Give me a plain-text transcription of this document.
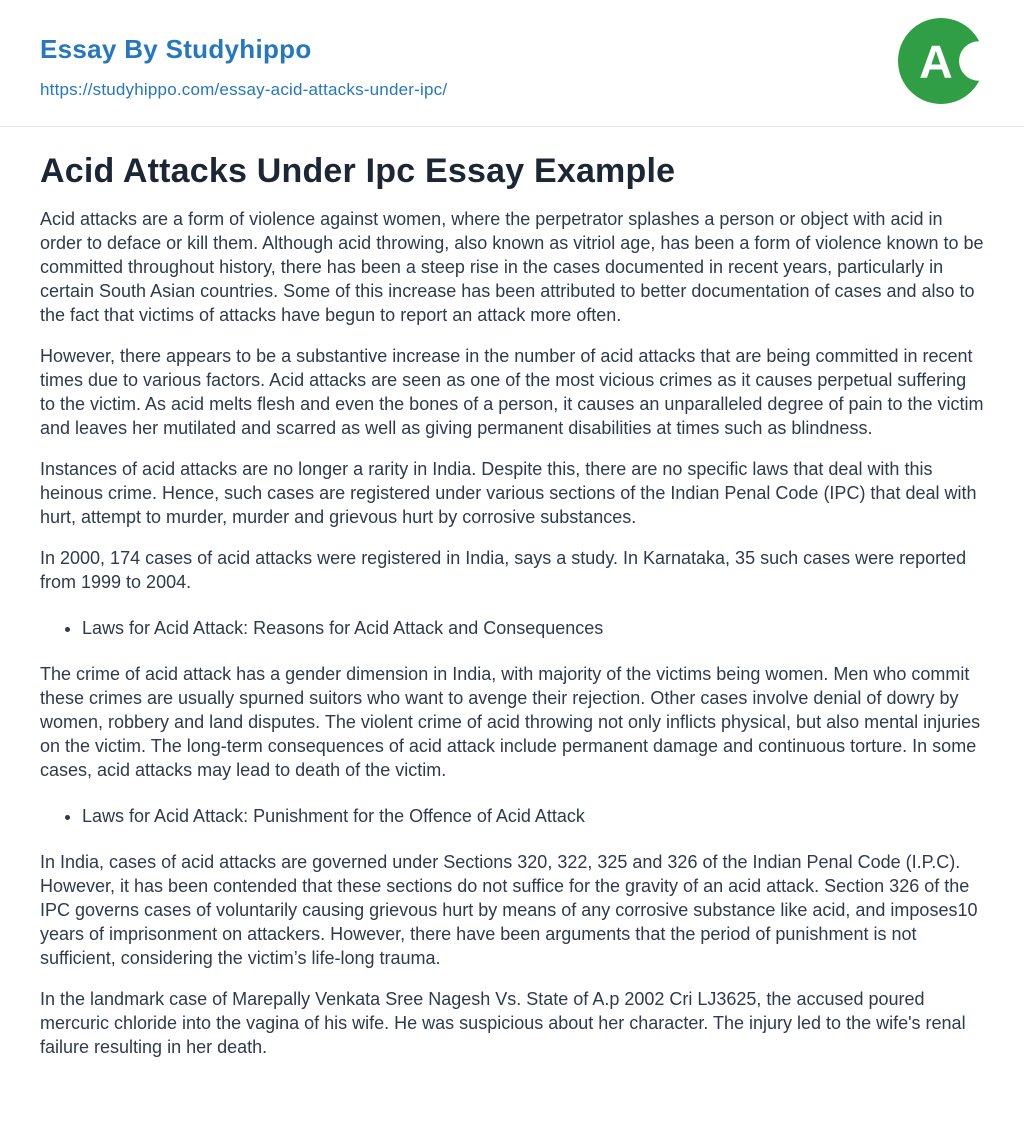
Essay By Studyhippo
https://studyhippo.com/essay-acid-attacks-under-ipc/
A
Acid Attacks Under Ipc Essay Example

Acid attacks are a form of violence against women, where the perpetrator splashes a person or object with acid in order to deface or kill them. Although acid throwing, also known as vitriol age, has been a form of violence known to be committed throughout history, there has been a steep rise in the cases documented in recent years, particularly in certain South Asian countries. Some of this increase has been attributed to better documentation of cases and also to the fact that victims of attacks have begun to report an attack more often.

However, there appears to be a substantive increase in the number of acid attacks that are being committed in recent times due to various factors. Acid attacks are seen as one of the most vicious crimes as it causes perpetual suffering to the victim. As acid melts flesh and even the bones of a person, it causes an unparalleled degree of pain to the victim and leaves her mutilated and scarred as well as giving permanent disabilities at times such as blindness.

Instances of acid attacks are no longer a rarity in India. Despite this, there are no specific laws that deal with this heinous crime. Hence, such cases are registered under various sections of the Indian Penal Code (IPC) that deal with hurt, attempt to murder, murder and grievous hurt by corrosive substances.

In 2000, 174 cases of acid attacks were registered in India, says a study. In Karnataka, 35 such cases were reported from 1999 to 2004.

• Laws for Acid Attack: Reasons for Acid Attack and Consequences

The crime of acid attack has a gender dimension in India, with majority of the victims being women. Men who commit these crimes are usually spurned suitors who want to avenge their rejection. Other cases involve denial of dowry by women, robbery and land disputes. The violent crime of acid throwing not only inflicts physical, but also mental injuries on the victim. The long-term consequences of acid attack include permanent damage and continuous torture. In some cases, acid attacks may lead to death of the victim.

• Laws for Acid Attack: Punishment for the Offence of Acid Attack

In India, cases of acid attacks are governed under Sections 320, 322, 325 and 326 of the Indian Penal Code (I.P.C). However, it has been contended that these sections do not suffice for the gravity of an acid attack. Section 326 of the IPC governs cases of voluntarily causing grievous hurt by means of any corrosive substance like acid, and imposes10 years of imprisonment on attackers. However, there have been arguments that the period of punishment is not sufficient, considering the victim’s life-long trauma.

In the landmark case of Marepally Venkata Sree Nagesh Vs. State of A.p 2002 Cri LJ3625, the accused poured mercuric chloride into the vagina of his wife. He was suspicious about her character. The injury led to the wife's renal failure resulting in her death.
